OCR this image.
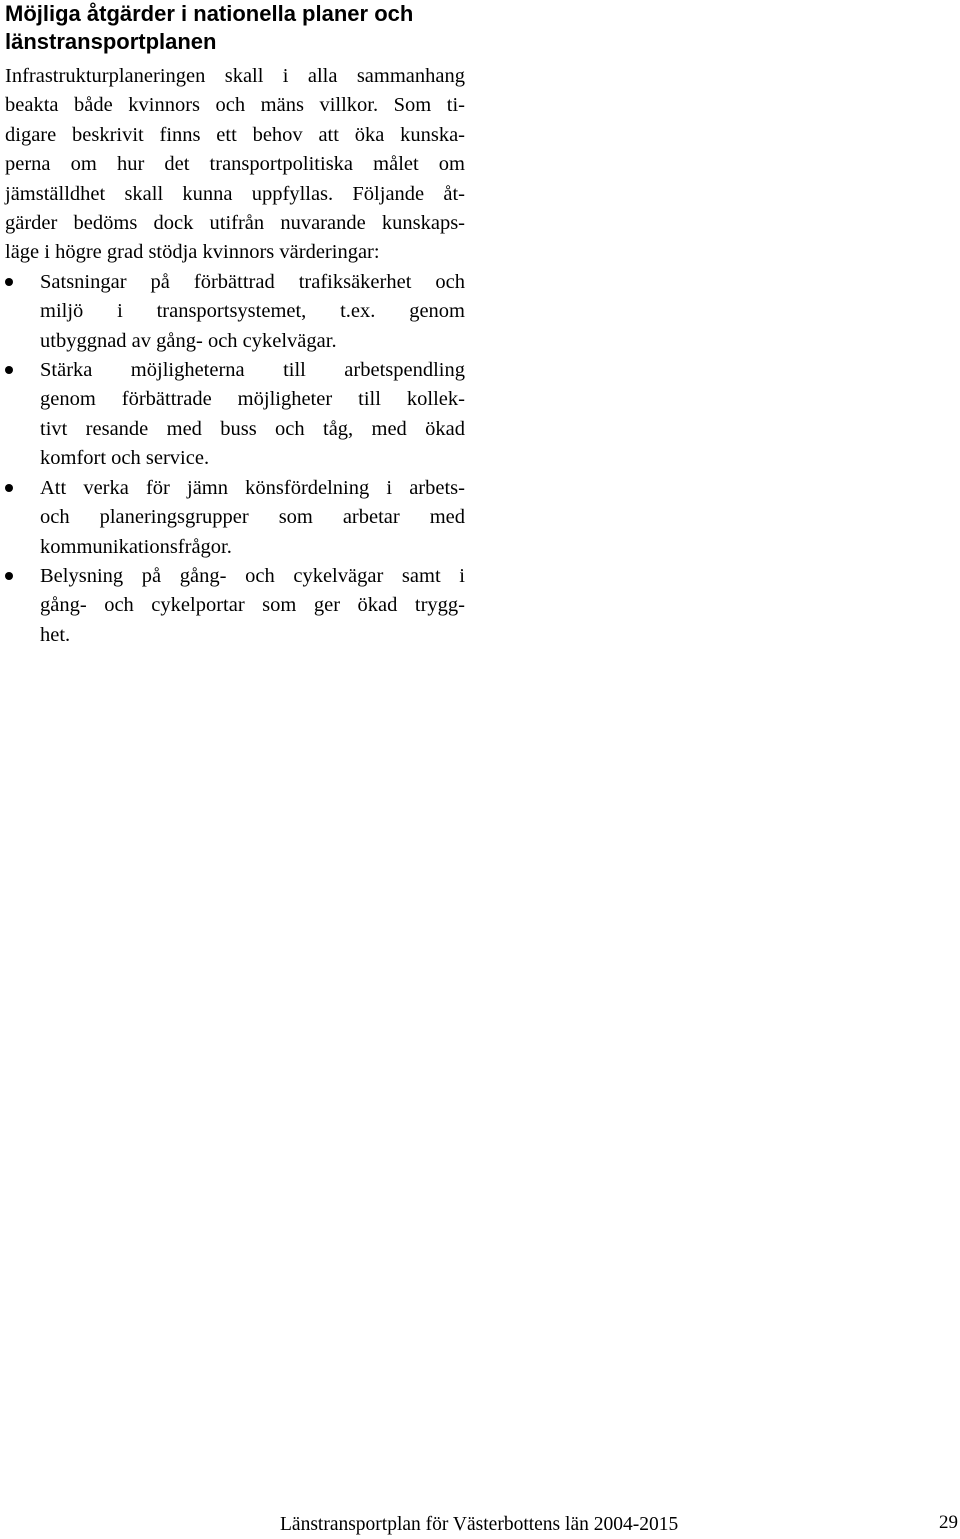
Möjliga åtgärder i nationella planer och
länstransportplanen

Infrastrukturplaneringen skall i alla sammanhang
beakta både kvinnors och mäns villkor. Som ti-
digare beskrivit finns ett behov att öka kunska-
perna om hur det transportpolitiska målet om
jämställdhet skall kunna uppfyllas. Följande åt-
gärder bedöms dock utifrån nuvarande kunskaps-
läge i högre grad stödja kvinnors värderingar:

Satsningar på förbättrad trafiksäkerhet och
miljö i transportsystemet, t.ex. genom
utbyggnad av gång- och cykelvägar.
Stärka möjligheterna till arbetspendling
genom förbättrade möjligheter till kollek-
tivt resande med buss och tåg, med ökad
komfort och service.
Att verka för jämn könsfördelning i arbets-
och planeringsgrupper som arbetar med
kommunikationsfrågor.
Belysning på gång- och cykelvägar samt i
gång- och cykelportar som ger ökad trygg-
het.
Länstransportplan för Västerbottens län 2004-2015	29
